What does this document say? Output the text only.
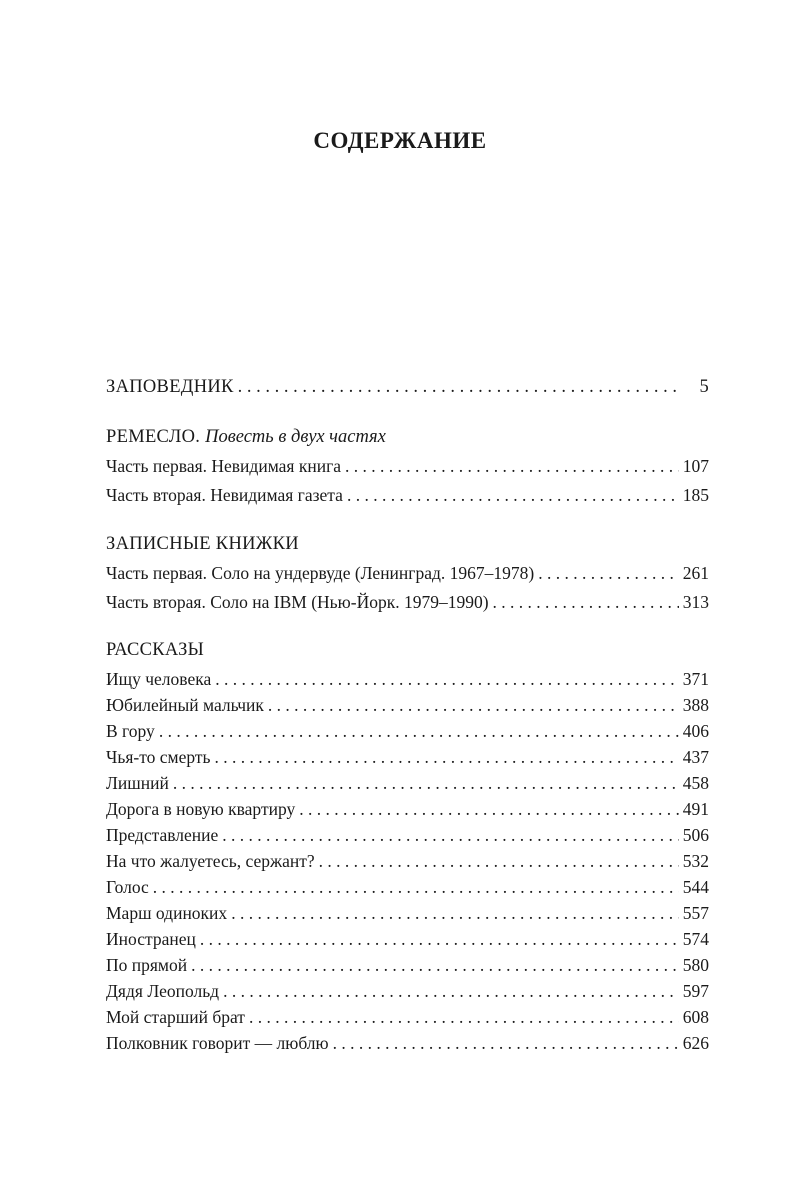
СОДЕРЖАНИЕ
ЗАПОВЕДНИК . . .	5
РЕМЕСЛО. Повесть в двух частях
Часть первая. Невидимая книга . . .	107
Часть вторая. Невидимая газета . . .	185
ЗАПИСНЫЕ КНИЖКИ
Часть первая. Соло на ундервуде (Ленинград. 1967–1978) . . .	261
Часть вторая. Соло на IBM (Нью-Йорк. 1979–1990) . . .	313
РАССКАЗЫ
Ищу человека . . .	371
Юбилейный мальчик . . .	388
В гору . . .	406
Чья-то смерть . . .	437
Лишний . . .	458
Дорога в новую квартиру . . .	491
Представление . . .	506
На что жалуетесь, сержант? . . .	532
Голос . . .	544
Марш одиноких . . .	557
Иностранец . . .	574
По прямой . . .	580
Дядя Леопольд . . .	597
Мой старший брат . . .	608
Полковник говорит — люблю . . .	626
